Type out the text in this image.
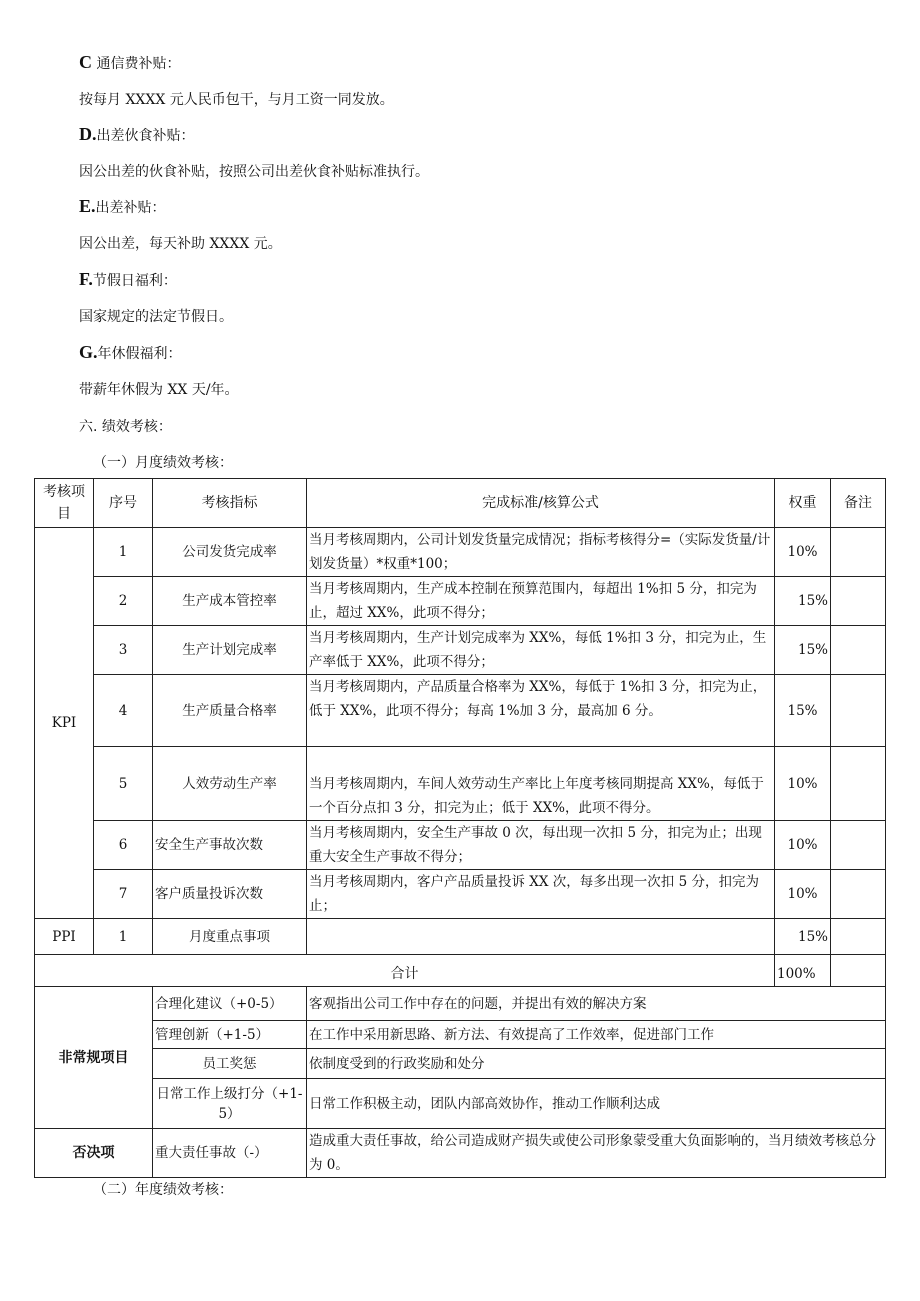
C 通信费补贴：
按每月 XXXX 元人民币包干，与月工资一同发放。
D.出差伙食补贴：
因公出差的伙食补贴，按照公司出差伙食补贴标准执行。
E.出差补贴：
因公出差，每天补助 XXXX 元。
F.节假日福利：
国家规定的法定节假日。
G.年休假福利：
带薪年休假为 XX 天/年。
六. 绩效考核：
（一）月度绩效考核：
考核项目	序号	考核指标	完成标准/核算公式	权重	备注
KPI	1	公司发货完成率	当月考核周期内，公司计划发货量完成情况；指标考核得分=（实际发货量/计划发货量）*权重*100；	10%	
	2	生产成本管控率	当月考核周期内，生产成本控制在预算范围内，每超出 1%扣 5 分，扣完为止，超过 XX%，此项不得分；	15%	
	3	生产计划完成率	当月考核周期内，生产计划完成率为 XX%，每低 1%扣 3 分，扣完为止，生产率低于 XX%，此项不得分；	15%	
	4	生产质量合格率	当月考核周期内，产品质量合格率为 XX%，每低于 1%扣 3 分，扣完为止，低于 XX%，此项不得分；每高 1%加 3 分，最高加 6 分。	15%	
	5	人效劳动生产率	当月考核周期内，车间人效劳动生产率比上年度考核同期提高 XX%，每低于一个百分点扣 3 分，扣完为止；低于 XX%，此项不得分。	10%	
	6	安全生产事故次数	当月考核周期内，安全生产事故 0 次，每出现一次扣 5 分，扣完为止；出现重大安全生产事故不得分；	10%	
	7	客户质量投诉次数	当月考核周期内，客户产品质量投诉 XX 次，每多出现一次扣 5 分，扣完为止；	10%	
PPI	1	月度重点事项		15%	
合计				100%	
非常规项目		合理化建议（+0-5）	客观指出公司工作中存在的问题，并提出有效的解决方案		
		管理创新（+1-5）	在工作中采用新思路、新方法、有效提高了工作效率，促进部门工作		
		员工奖惩	依制度受到的行政奖励和处分		
		日常工作上级打分（+1-5）	日常工作积极主动，团队内部高效协作，推动工作顺利达成		
否决项		重大责任事故（-）	造成重大责任事故，给公司造成财产损失或使公司形象蒙受重大负面影响的，当月绩效考核总分为 0。		
（二）年度绩效考核：
